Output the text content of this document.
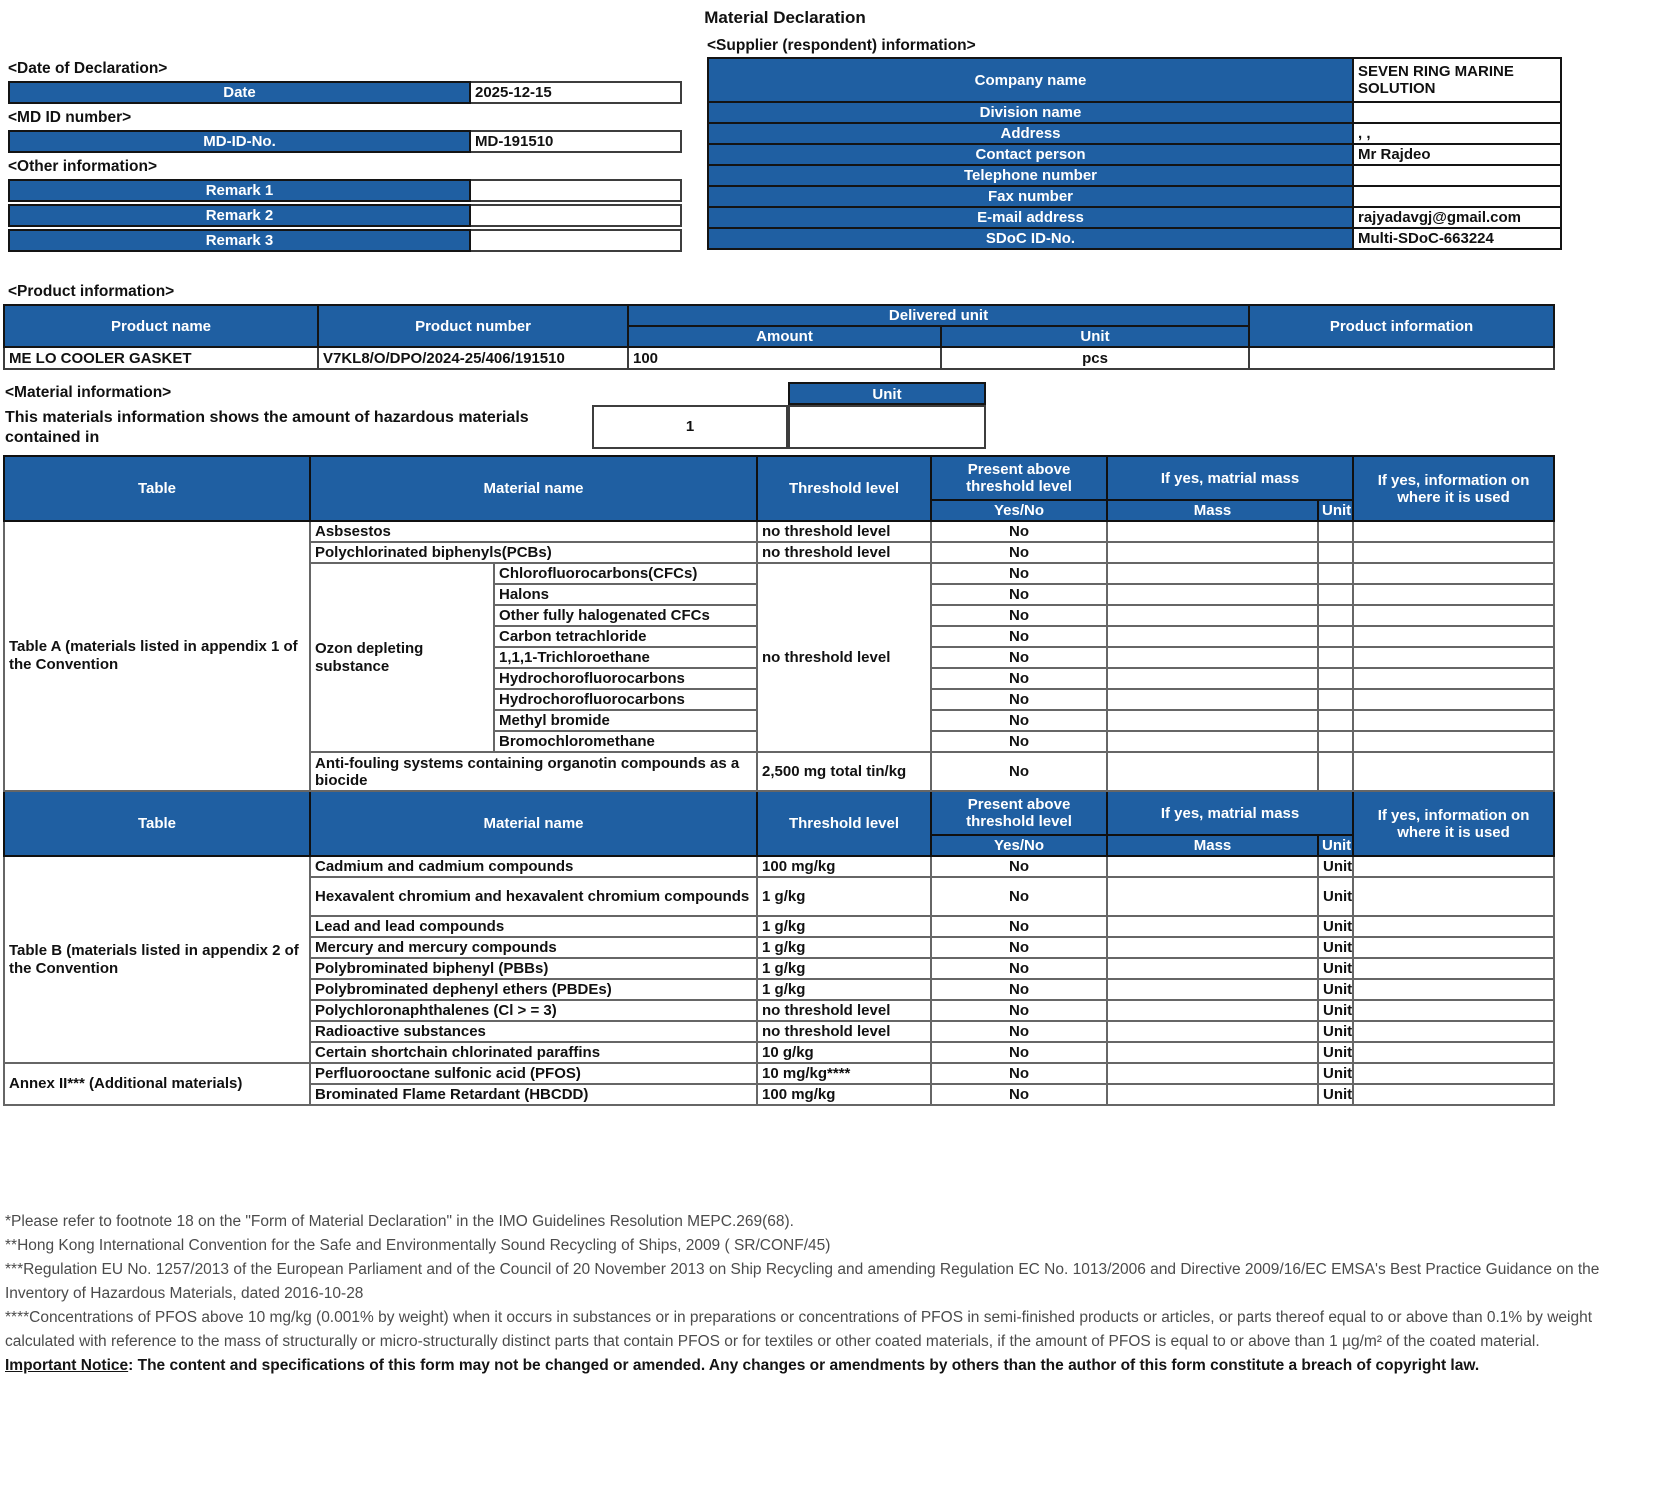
Material Declaration
<Date of Declaration>
Date	2025-12-15
<MD ID number>
MD-ID-No.	MD-191510
<Other information>
Remark 1	
Remark 2	
Remark 3	
<Supplier (respondent) information>
Company name	SEVEN RING MARINE SOLUTION
Division name	
Address	, ,
Contact person	Mr Rajdeo
Telephone number	
Fax number	
E-mail address	rajyadavgj@gmail.com
SDoC ID-No.	Multi-SDoC-663224
<Product information>
Product name	Product number	Delivered unit		Product information
		Amount	Unit	
ME LO COOLER GASKET	V7KL8/O/DPO/2024-25/406/191510	100	pcs	
<Material information>
This materials information shows the amount of hazardous materials contained in
Unit
1
Table	Material name		Threshold level	Present above threshold level	If yes, matrial mass		If yes, information on where it is used
				Yes/No	Mass	Unit	
Table A (materials listed in appendix 1 of the Convention	Asbsestos		no threshold level	No			
	Polychlorinated biphenyls(PCBs)		no threshold level	No			
	Ozon depleting substance	Chlorofluorocarbons(CFCs)	no threshold level	No			
		Halons		No			
		Other fully halogenated CFCs		No			
		Carbon tetrachloride		No			
		1,1,1-Trichloroethane		No			
		Hydrochorofluorocarbons		No			
		Hydrochorofluorocarbons		No			
		Methyl bromide		No			
		Bromochloromethane		No			
	Anti-fouling systems containing organotin compounds as a biocide		2,500 mg total tin/kg	No			
Table	Material name		Threshold level	Present above threshold level	If yes, matrial mass		If yes, information on where it is used
				Yes/No	Mass	Unit	
Table B (materials listed in appendix 2 of the Convention	Cadmium and cadmium compounds		100 mg/kg	No		Unit	
	Hexavalent chromium and hexavalent chromium compounds		1 g/kg	No		Unit	
	Lead and lead compounds		1 g/kg	No		Unit	
	Mercury and mercury compounds		1 g/kg	No		Unit	
	Polybrominated biphenyl (PBBs)		1 g/kg	No		Unit	
	Polybrominated dephenyl ethers (PBDEs)		1 g/kg	No		Unit	
	Polychloronaphthalenes (Cl > = 3)		no threshold level	No		Unit	
	Radioactive substances		no threshold level	No		Unit	
	Certain shortchain chlorinated paraffins		10 g/kg	No		Unit	
Annex II*** (Additional materials)	Perfluorooctane sulfonic acid (PFOS)		10 mg/kg****	No		Unit	
	Brominated Flame Retardant (HBCDD)		100 mg/kg	No		Unit	

*Please refer to footnote 18 on the "Form of Material Declaration" in the IMO Guidelines Resolution MEPC.269(68).

**Hong Kong International Convention for the Safe and Environmentally Sound Recycling of Ships, 2009 ( SR/CONF/45)

***Regulation EU No. 1257/2013 of the European Parliament and of the Council of 20 November 2013 on Ship Recycling and amending Regulation EC No. 1013/2006 and Directive 2009/16/EC EMSA's Best Practice Guidance on the Inventory of Hazardous Materials, dated 2016-10-28

****Concentrations of PFOS above 10 mg/kg (0.001% by weight) when it occurs in substances or in preparations or concentrations of PFOS in semi-finished products or articles, or parts thereof equal to or above than 0.1% by weight calculated with reference to the mass of structurally or micro-structurally distinct parts that contain PFOS or for textiles or other coated materials, if the amount of PFOS is equal to or above than 1 µg/m² of the coated material.

Important Notice: The content and specifications of this form may not be changed or amended. Any changes or amendments by others than the author of this form constitute a breach of copyright law.
